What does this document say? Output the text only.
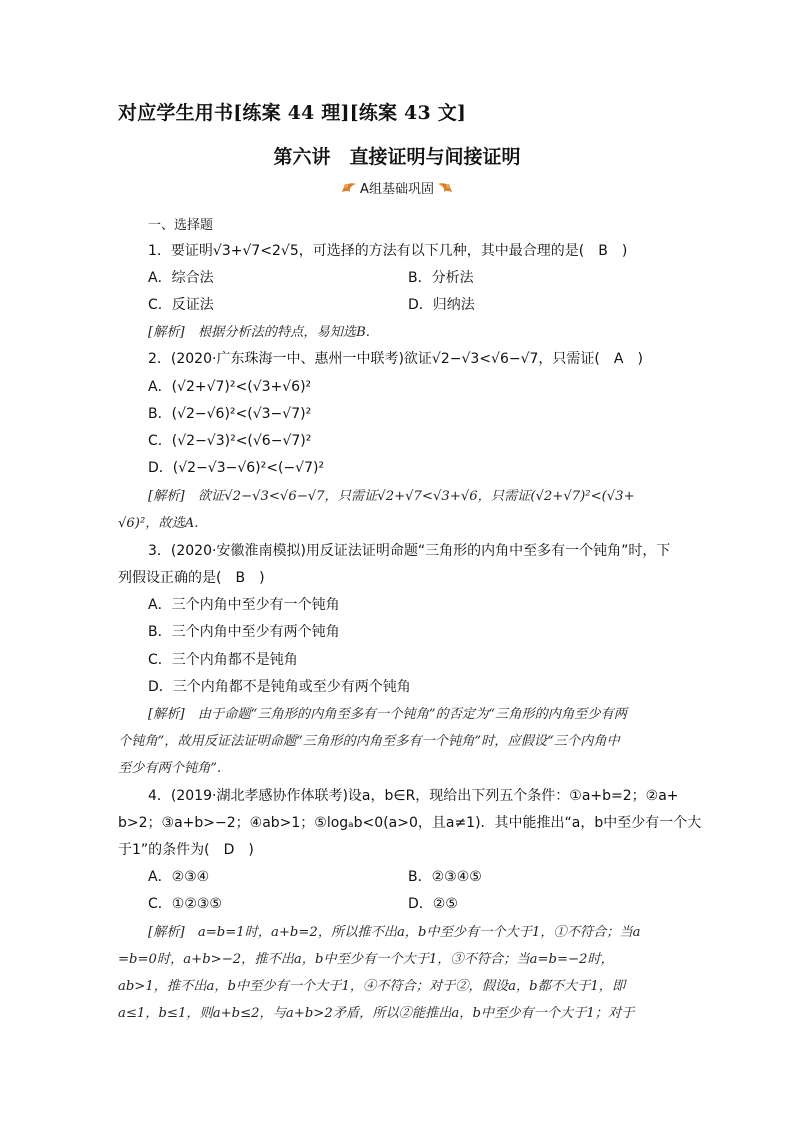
对应学生用书[练案 44 理][练案 43 文]
第六讲　直接证明与间接证明
A组基础巩固
一、选择题
1．要证明√3+√7<2√5，可选择的方法有以下几种，其中最合理的是(　B　)
A．综合法	B．分析法
C．反证法	D．归纳法
[解析]　根据分析法的特点，易知选B.
2．(2020·广东珠海一中、惠州一中联考)欲证√2−√3<√6−√7，只需证(　A　)
A．(√2+√7)²<(√3+√6)²
B．(√2−√6)²<(√3−√7)²
C．(√2−√3)²<(√6−√7)²
D．(√2−√3−√6)²<(−√7)²
[解析]　欲证√2−√3<√6−√7，只需证√2+√7<√3+√6，只需证(√2+√7)²<(√3+
√6)²，故选A.
3．(2020·安徽淮南模拟)用反证法证明命题“三角形的内角中至多有一个钝角”时，下
列假设正确的是(　B　)
A．三个内角中至少有一个钝角
B．三个内角中至少有两个钝角
C．三个内角都不是钝角
D．三个内角都不是钝角或至少有两个钝角
[解析]　由于命题“三角形的内角至多有一个钝角”的否定为“三角形的内角至少有两
个钝角”，故用反证法证明命题“三角形的内角至多有一个钝角”时，应假设“三个内角中
至少有两个钝角”.
4．(2019·湖北孝感协作体联考)设a，b∈R，现给出下列五个条件：①a+b=2；②a+
b>2；③a+b>−2；④ab>1；⑤logₐb<0(a>0，且a≠1)．其中能推出“a，b中至少有一个大
于1”的条件为(　D　)
A．②③④	B．②③④⑤
C．①②③⑤	D．②⑤
[解析]　a=b=1时，a+b=2，所以推不出a，b中至少有一个大于1，①不符合；当a
=b=0时，a+b>−2，推不出a，b中至少有一个大于1，③不符合；当a=b=−2时，
ab>1，推不出a，b中至少有一个大于1，④不符合；对于②，假设a，b都不大于1，即
a≤1，b≤1，则a+b≤2，与a+b>2矛盾，所以②能推出a，b中至少有一个大于1；对于
